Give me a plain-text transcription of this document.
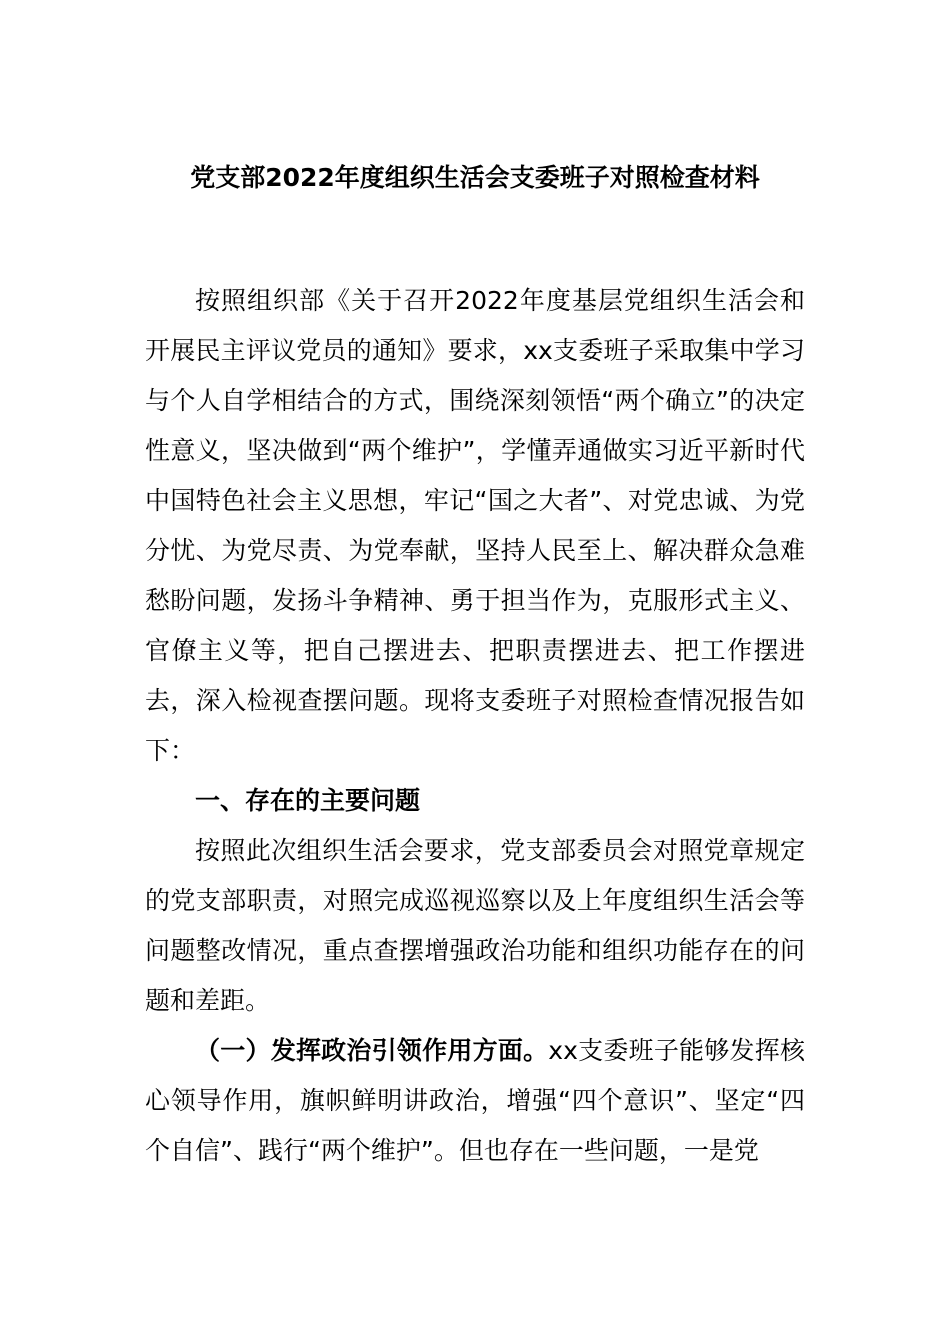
党支部2022年度组织生活会支委班子对照检查材料

按照组织部《关于召开2022年度基层党组织生活会和开展民主评议党员的通知》要求，xx支委班子采取集中学习与个人自学相结合的方式，围绕深刻领悟“两个确立”的决定性意义，坚决做到“两个维护”，学懂弄通做实习近平新时代中国特色社会主义思想，牢记“国之大者”、对党忠诚、为党分忧、为党尽责、为党奉献，坚持人民至上、解决群众急难愁盼问题，发扬斗争精神、勇于担当作为，克服形式主义、官僚主义等，把自己摆进去、把职责摆进去、把工作摆进去，深入检视查摆问题。现将支委班子对照检查情况报告如下：

一、存在的主要问题

按照此次组织生活会要求，党支部委员会对照党章规定的党支部职责，对照完成巡视巡察以及上年度组织生活会等问题整改情况，重点查摆增强政治功能和组织功能存在的问题和差距。

（一）发挥政治引领作用方面。xx支委班子能够发挥核心领导作用，旗帜鲜明讲政治，增强“四个意识”、坚定“四个自信”、践行“两个维护”。但也存在一些问题，一是党
